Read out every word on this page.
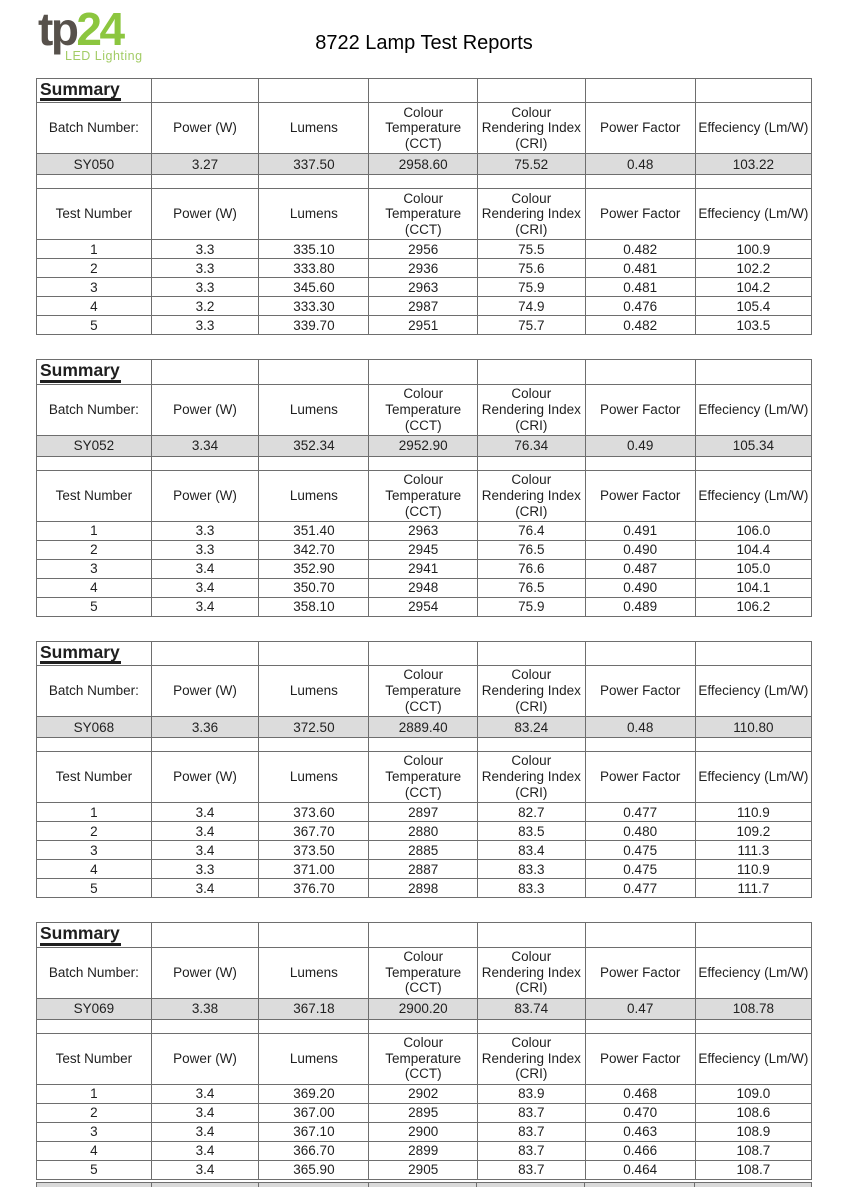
tp24
LED Lighting
8722 Lamp Test Reports
Summary						
Batch Number:	Power (W)	Lumens	Colour Temperature (CCT)	Colour Rendering Index (CRI)	Power Factor	Effeciency (Lm/W)
SY050	3.27	337.50	2958.60	75.52	0.48	103.22

Test Number	Power (W)	Lumens	Colour Temperature (CCT)	Colour Rendering Index (CRI)	Power Factor	Effeciency (Lm/W)
1	3.3	335.10	2956	75.5	0.482	100.9
2	3.3	333.80	2936	75.6	0.481	102.2
3	3.3	345.60	2963	75.9	0.481	104.2
4	3.2	333.30	2987	74.9	0.476	105.4
5	3.3	339.70	2951	75.7	0.482	103.5
Summary						
Batch Number:	Power (W)	Lumens	Colour Temperature (CCT)	Colour Rendering Index (CRI)	Power Factor	Effeciency (Lm/W)
SY052	3.34	352.34	2952.90	76.34	0.49	105.34

Test Number	Power (W)	Lumens	Colour Temperature (CCT)	Colour Rendering Index (CRI)	Power Factor	Effeciency (Lm/W)
1	3.3	351.40	2963	76.4	0.491	106.0
2	3.3	342.70	2945	76.5	0.490	104.4
3	3.4	352.90	2941	76.6	0.487	105.0
4	3.4	350.70	2948	76.5	0.490	104.1
5	3.4	358.10	2954	75.9	0.489	106.2
Summary						
Batch Number:	Power (W)	Lumens	Colour Temperature (CCT)	Colour Rendering Index (CRI)	Power Factor	Effeciency (Lm/W)
SY068	3.36	372.50	2889.40	83.24	0.48	110.80

Test Number	Power (W)	Lumens	Colour Temperature (CCT)	Colour Rendering Index (CRI)	Power Factor	Effeciency (Lm/W)
1	3.4	373.60	2897	82.7	0.477	110.9
2	3.4	367.70	2880	83.5	0.480	109.2
3	3.4	373.50	2885	83.4	0.475	111.3
4	3.3	371.00	2887	83.3	0.475	110.9
5	3.4	376.70	2898	83.3	0.477	111.7
Summary						
Batch Number:	Power (W)	Lumens	Colour Temperature (CCT)	Colour Rendering Index (CRI)	Power Factor	Effeciency (Lm/W)
SY069	3.38	367.18	2900.20	83.74	0.47	108.78

Test Number	Power (W)	Lumens	Colour Temperature (CCT)	Colour Rendering Index (CRI)	Power Factor	Effeciency (Lm/W)
1	3.4	369.20	2902	83.9	0.468	109.0
2	3.4	367.00	2895	83.7	0.470	108.6
3	3.4	367.10	2900	83.7	0.463	108.9
4	3.4	366.70	2899	83.7	0.466	108.7
5	3.4	365.90	2905	83.7	0.464	108.7
